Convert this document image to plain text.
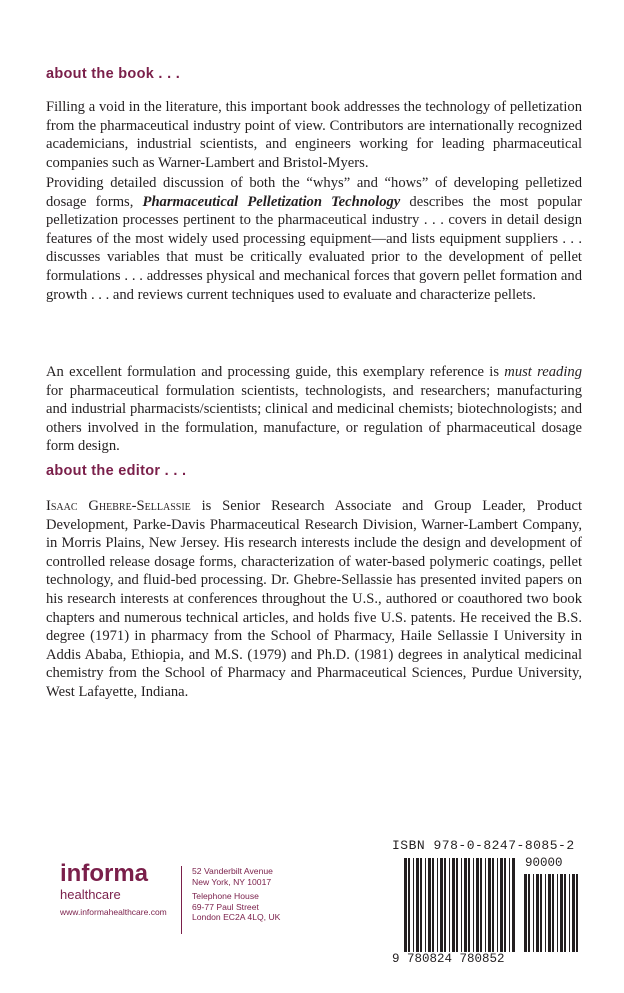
about the book . . .

Filling a void in the literature, this important book addresses the technology of pelletization from the pharmaceutical industry point of view. Contributors are internationally recognized academicians, industrial scientists, and engineers working for leading pharmaceutical companies such as Warner-Lambert and Bristol-Myers.

Providing detailed discussion of both the “whys” and “hows” of developing pelletized dosage forms, Pharmaceutical Pelletization Technology describes the most popular pelletization processes pertinent to the pharmaceutical industry . . . covers in detail design features of the most widely used processing equipment—and lists equipment suppliers . . . discusses variables that must be critically evaluated prior to the development of pellet formulations . . . addresses physical and mechanical forces that govern pellet formation and growth . . . and reviews current techniques used to evaluate and characterize pellets.

An excellent formulation and processing guide, this exemplary reference is must reading for pharmaceutical formulation scientists, technologists, and researchers; manufacturing and industrial pharmacists/scientists; clinical and medicinal chemists; biotechnologists; and others involved in the formulation, manufacture, or regulation of pharmaceutical dosage form design.

about the editor . . .

Isaac Ghebre-Sellassie is Senior Research Associate and Group Leader, Product Development, Parke-Davis Pharmaceutical Research Division, Warner-Lambert Company, in Morris Plains, New Jersey. His research interests include the design and development of controlled release dosage forms, characterization of water-based polymeric coatings, pellet technology, and fluid-bed processing. Dr. Ghebre-Sellassie has presented invited papers on his research interests at conferences throughout the U.S., authored or coauthored two book chapters and numerous technical articles, and holds five U.S. patents. He received the B.S. degree (1971) in pharmacy from the School of Pharmacy, Haile Sellassie I University in Addis Ababa, Ethiopia, and M.S. (1979) and Ph.D. (1981) degrees in analytical medicinal chemistry from the School of Pharmacy and Pharmaceutical Sciences, Purdue University, West Lafayette, Indiana.

informa
healthcare
www.informahealthcare.com
52 Vanderbilt Avenue
New York, NY 10017
Telephone House
69-77 Paul Street
London EC2A 4LQ, UK
ISBN 978-0-8247-8085-2
90000
9 780824 780852
